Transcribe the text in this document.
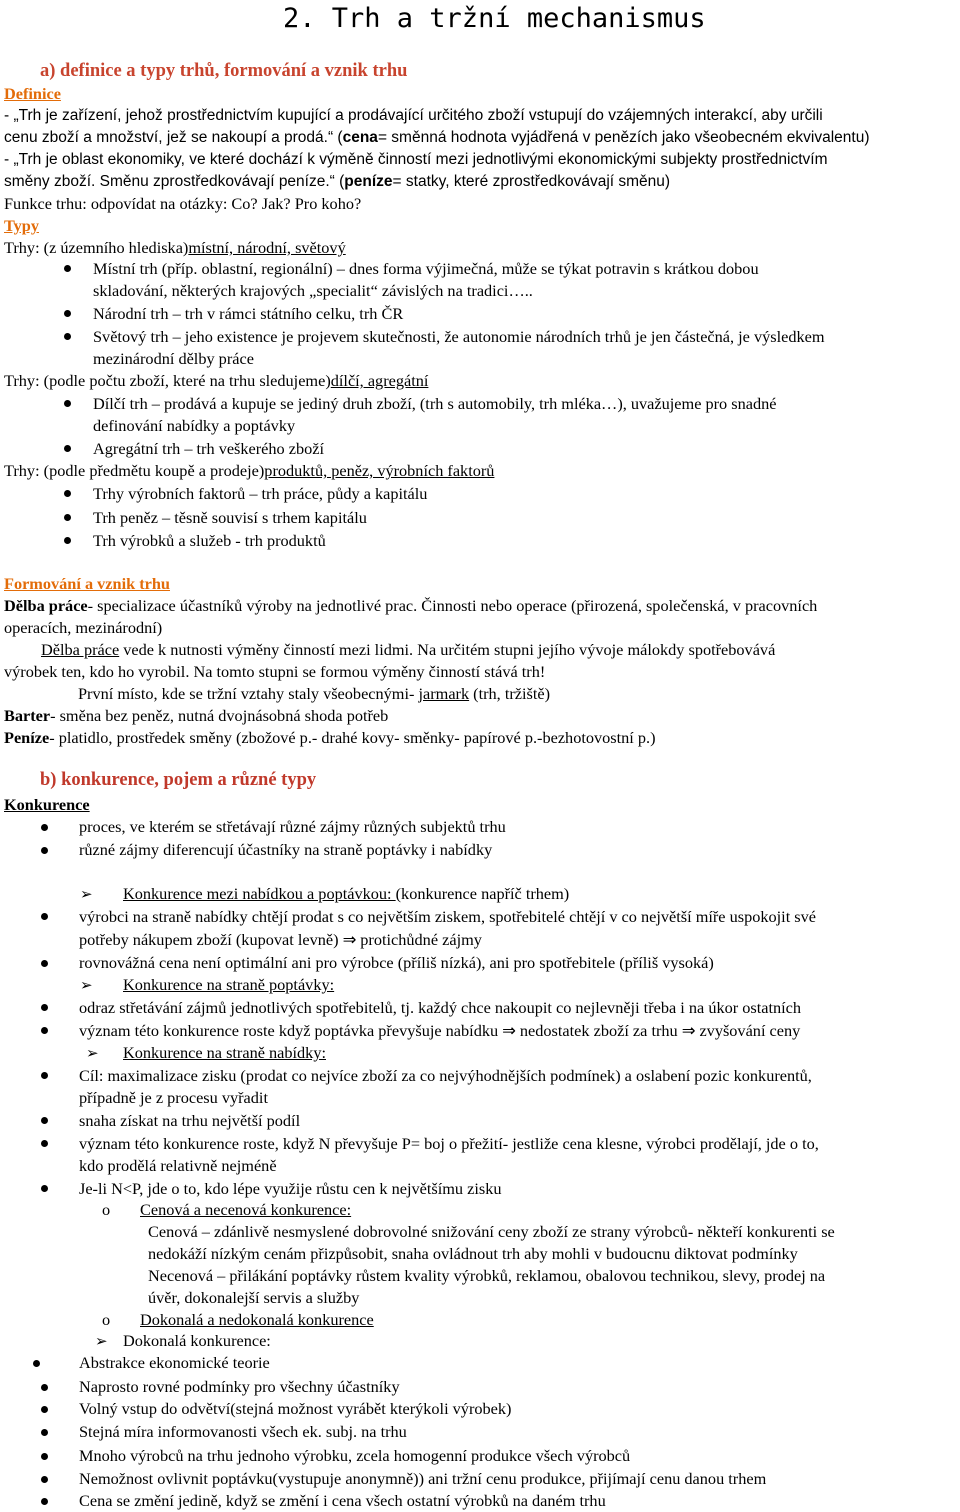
2. Trh a tržní mechanismus
a) definice a typy trhů, formování a vznik trhu
Definice
- „Trh je zařízení, jehož prostřednictvím kupující a prodávající určitého zboží vstupují do vzájemných interakcí, aby určili
cenu zboží a množství, jež se nakoupí a prodá.“ (cena= směnná hodnota vyjádřená v penězích jako všeobecném ekvivalentu)
- „Trh je oblast ekonomiky, ve které dochází k výměně činností mezi jednotlivými ekonomickými subjekty prostřednictvím
směny zboží. Směnu zprostředkovávají peníze.“ (peníze= statky, které zprostředkovávají směnu)
Funkce trhu: odpovídat na otázky: Co? Jak? Pro koho?
Typy
Trhy: (z územního hlediska)místní, národní, světový
Místní trh (příp. oblastní, regionální) – dnes forma výjimečná, může se týkat potravin s krátkou dobou
skladování, některých krajových „specialit“ závislých na tradici…..
Národní trh – trh v rámci státního celku, trh ČR
Světový trh – jeho existence je projevem skutečnosti, že autonomie národních trhů je jen částečná, je výsledkem
mezinárodní dělby práce
Trhy: (podle počtu zboží, které na trhu sledujeme)dílčí, agregátní
Dílčí trh – prodává a kupuje se jediný druh zboží, (trh s automobily, trh mléka…), uvažujeme pro snadné
definování nabídky a poptávky
Agregátní trh – trh veškerého zboží
Trhy: (podle předmětu koupě a prodeje)produktů, peněz, výrobních faktorů
Trhy výrobních faktorů – trh práce, půdy a kapitálu
Trh peněz – těsně souvisí s trhem kapitálu
Trh výrobků a služeb - trh produktů
Formování a vznik trhu
Dělba práce- specializace účastníků výroby na jednotlivé prac. Činnosti nebo operace (přirozená, společenská, v pracovních
operacích, mezinárodní)
Dělba práce vede k nutnosti výměny činností mezi lidmi. Na určitém stupni jejího vývoje málokdy spotřebovává
výrobek ten, kdo ho vyrobil. Na tomto stupni se formou výměny činností stává trh!
První místo, kde se tržní vztahy staly všeobecnými- jarmark (trh, tržiště)
Barter- směna bez peněz, nutná dvojnásobná shoda potřeb
Peníze- platidlo, prostředek směny (zbožové p.- drahé kovy- směnky- papírové p.-bezhotovostní p.)
b) konkurence, pojem a různé typy
Konkurence
proces, ve kterém se střetávají různé zájmy různých subjektů trhu
různé zájmy diferencují účastníky na straně poptávky i nabídky
➢ Konkurence mezi nabídkou a poptávkou: (konkurence napříč trhem)
výrobci na straně nabídky chtějí prodat s co největším ziskem, spotřebitelé chtějí v co největší míře uspokojit své
potřeby nákupem zboží (kupovat levně) ⇒ protichůdné zájmy
rovnovážná cena není optimální ani pro výrobce (příliš nízká), ani pro spotřebitele (příliš vysoká)
➢ Konkurence na straně poptávky:
odraz střetávání zájmů jednotlivých spotřebitelů, tj. každý chce nakoupit co nejlevněji třeba i na úkor ostatních
význam této konkurence roste když poptávka převyšuje nabídku ⇒ nedostatek zboží za trhu ⇒ zvyšování ceny
➢ Konkurence na straně nabídky:
Cíl: maximalizace zisku (prodat co nejvíce zboží za co nejvýhodnějších podmínek) a oslabení pozic konkurentů,
případně je z procesu vyřadit
snaha získat na trhu největší podíl
význam této konkurence roste, když N převyšuje P= boj o přežití- jestliže cena klesne, výrobci prodělají, jde o to,
kdo prodělá relativně nejméně
Je-li N<P, jde o to, kdo lépe využije růstu cen k největšímu zisku
o Cenová a necenová konkurence:
Cenová – zdánlivě nesmyslené dobrovolné snižování ceny zboží ze strany výrobců- někteří konkurenti se
nedokáží nízkým cenám přizpůsobit, snaha ovládnout trh aby mohli v budoucnu diktovat podmínky
Necenová – přilákání poptávky růstem kvality výrobků, reklamou, obalovou technikou, slevy, prodej na
úvěr, dokonalejší servis a služby
o Dokonalá a nedokonalá konkurence
➢ Dokonalá konkurence:
Abstrakce ekonomické teorie
Naprosto rovné podmínky pro všechny účastníky
Volný vstup do odvětví(stejná možnost vyrábět kterýkoli výrobek)
Stejná míra informovanosti všech ek. subj. na trhu
Mnoho výrobců na trhu jednoho výrobku, zcela homogenní produkce všech výrobců
Nemožnost ovlivnit poptávku(vystupuje anonymně)) ani tržní cenu produkce, přijímají cenu danou trhem
Cena se změní jedině, když se změní i cena všech ostatní výrobků na daném trhu
